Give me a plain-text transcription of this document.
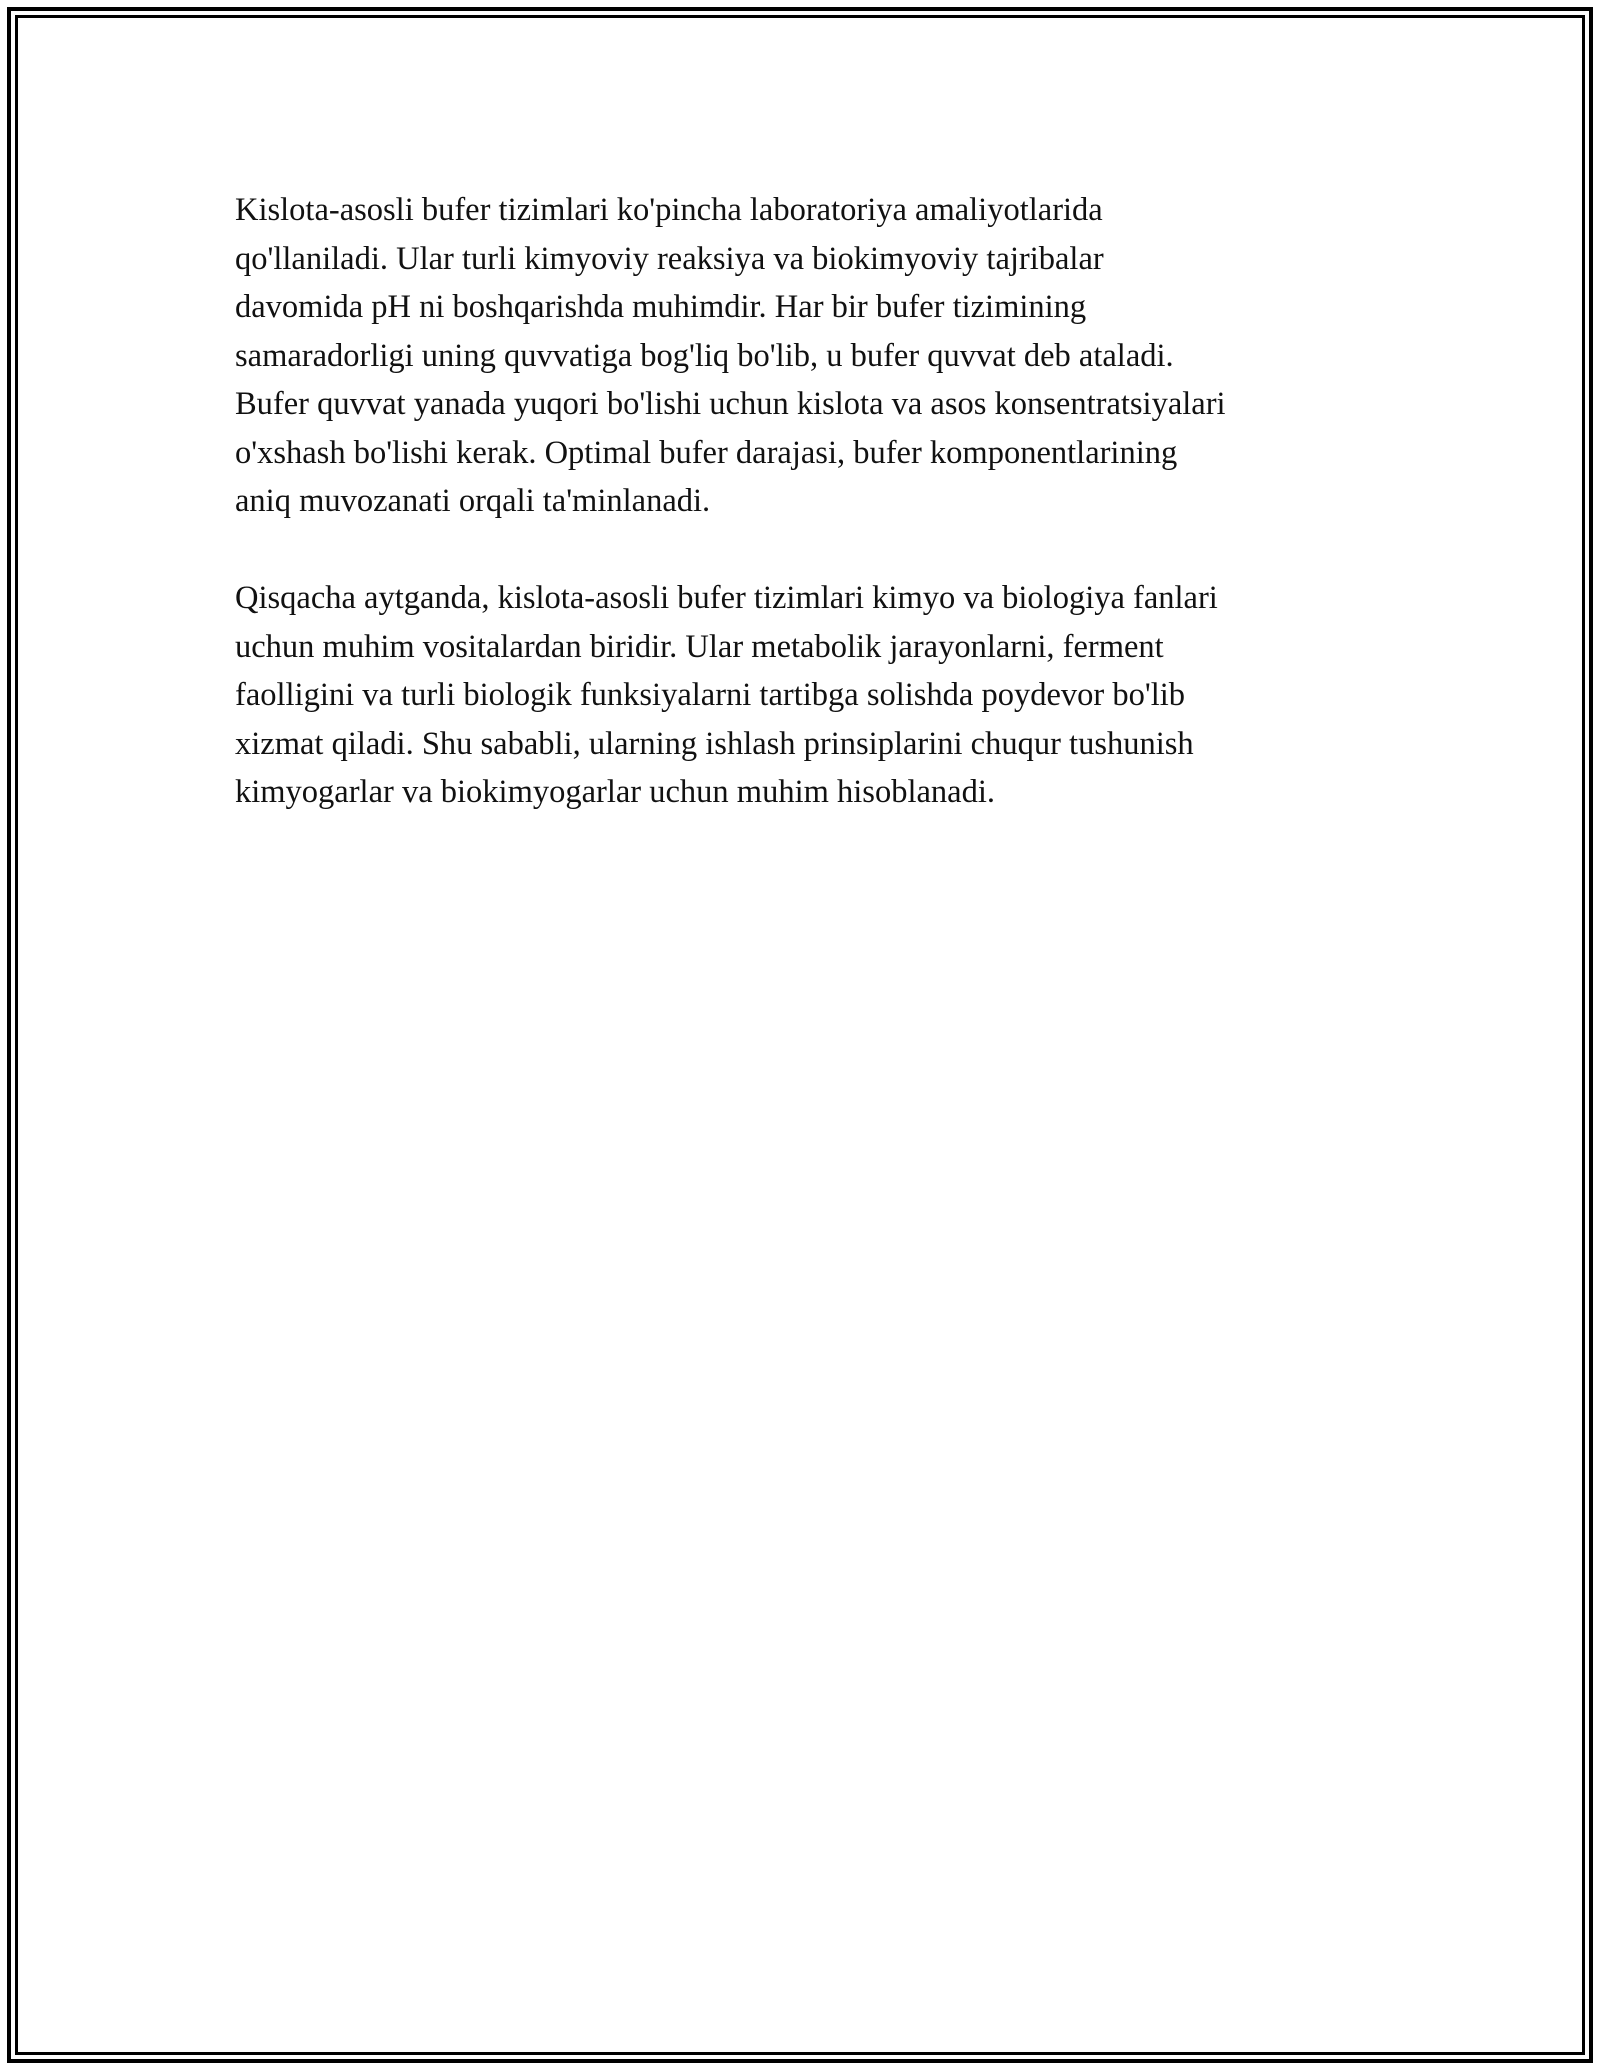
Kislota-asosli bufer tizimlari ko'pincha laboratoriya amaliyotlarida
qo'llaniladi. Ular turli kimyoviy reaksiya va biokimyoviy tajribalar
davomida pH ni boshqarishda muhimdir. Har bir bufer tizimining
samaradorligi uning quvvatiga bog'liq bo'lib, u bufer quvvat deb ataladi.
Bufer quvvat yanada yuqori bo'lishi uchun kislota va asos konsentratsiyalari
o'xshash bo'lishi kerak. Optimal bufer darajasi, bufer komponentlarining
aniq muvozanati orqali ta'minlanadi.

Qisqacha aytganda, kislota-asosli bufer tizimlari kimyo va biologiya fanlari
uchun muhim vositalardan biridir. Ular metabolik jarayonlarni, ferment
faolligini va turli biologik funksiyalarni tartibga solishda poydevor bo'lib
xizmat qiladi. Shu sababli, ularning ishlash prinsiplarini chuqur tushunish
kimyogarlar va biokimyogarlar uchun muhim hisoblanadi.
